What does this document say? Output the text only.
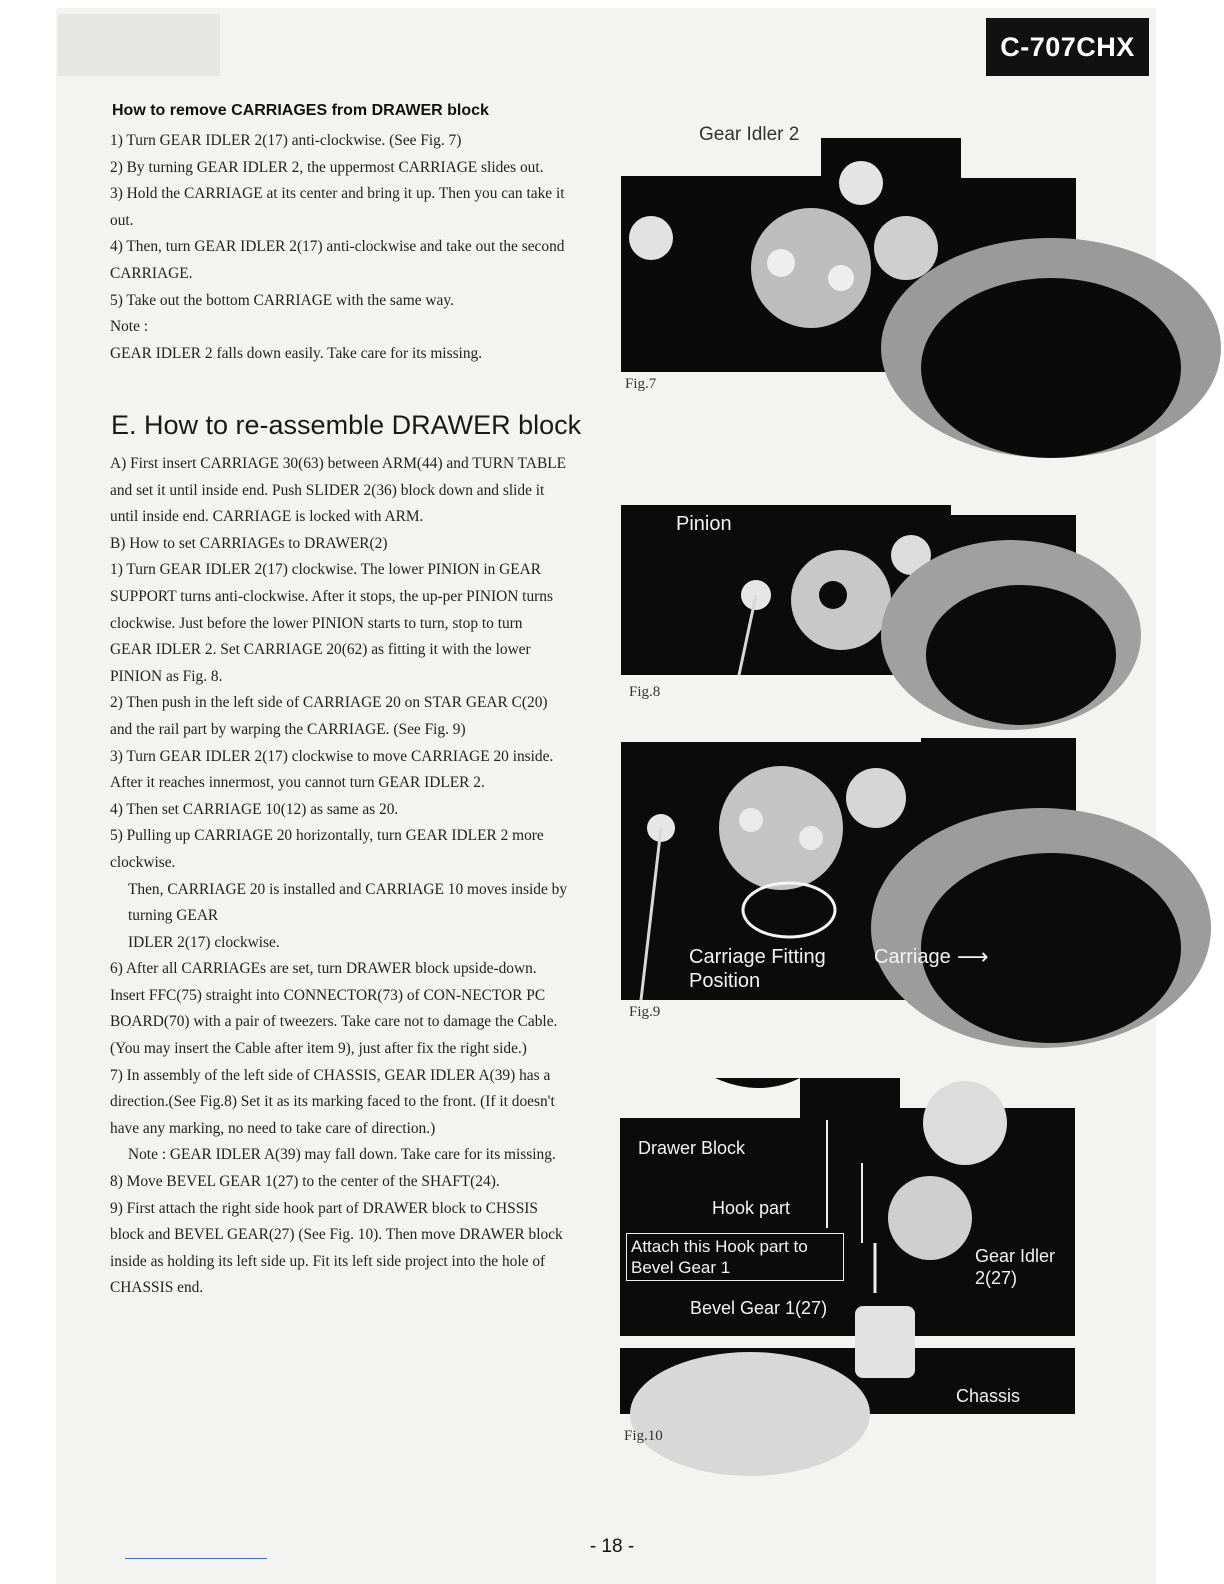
C-707CHX
How to remove CARRIAGES from DRAWER block

1) Turn GEAR IDLER 2(17) anti-clockwise. (See Fig. 7)

2) By turning GEAR IDLER 2, the uppermost CARRIAGE slides out.

3) Hold the CARRIAGE at its center and bring it up. Then you can take it out.

4) Then, turn GEAR IDLER 2(17) anti-clockwise and take out the second CARRIAGE.

5) Take out the bottom CARRIAGE with the same way.

Note :

GEAR IDLER 2 falls down easily. Take care for its missing.

E. How to re-assemble DRAWER block

A) First insert CARRIAGE 30(63) between ARM(44) and TURN TABLE and set it until inside end. Push SLIDER 2(36) block down and slide it until inside end. CARRIAGE is locked with ARM.

B) How to set CARRIAGEs to DRAWER(2)

1) Turn GEAR IDLER 2(17) clockwise. The lower PINION in GEAR SUPPORT turns anti-clockwise. After it stops, the up-per PINION turns clockwise. Just before the lower PINION starts to turn, stop to turn GEAR IDLER 2. Set CARRIAGE 20(62) as fitting it with the lower PINION as Fig. 8.

2) Then push in the left side of CARRIAGE 20 on STAR GEAR C(20) and the rail part by warping the CARRIAGE. (See Fig. 9)

3) Turn GEAR IDLER 2(17) clockwise to move CARRIAGE 20 inside. After it reaches innermost, you cannot turn GEAR IDLER 2.

4) Then set CARRIAGE 10(12) as same as 20.

5) Pulling up CARRIAGE 20 horizontally, turn GEAR IDLER 2 more clockwise.

Then, CARRIAGE 20 is installed and CARRIAGE 10 moves inside by turning GEAR

IDLER 2(17) clockwise.

6) After all CARRIAGEs are set, turn DRAWER block upside-down. Insert FFC(75) straight into CONNECTOR(73) of CON-NECTOR PC BOARD(70) with a pair of tweezers. Take care not to damage the Cable. (You may insert the Cable after item 9), just after fix the right side.)

7) In assembly of the left side of CHASSIS, GEAR IDLER A(39) has a direction.(See Fig.8) Set it as its marking faced to the front. (If it doesn't have any marking, no need to take care of direction.)

Note : GEAR IDLER A(39) may fall down. Take care for its missing.

8) Move BEVEL GEAR 1(27) to the center of the SHAFT(24).

9) First attach the right side hook part of DRAWER block to CHSSIS block and BEVEL GEAR(27) (See Fig. 10). Then move DRAWER block inside as holding its left side up. Fit its left side project into the hole of CHASSIS end.

Gear Idler 2
Fig.7
Pinion
Fig.8
Carriage Fitting
Position
Carriage ⟶
Fig.9
Drawer Block
Hook part
Attach this Hook part to
Bevel Gear 1
Gear Idler
2(27)
Bevel Gear 1(27)
Chassis
Fig.10
- 18 -
